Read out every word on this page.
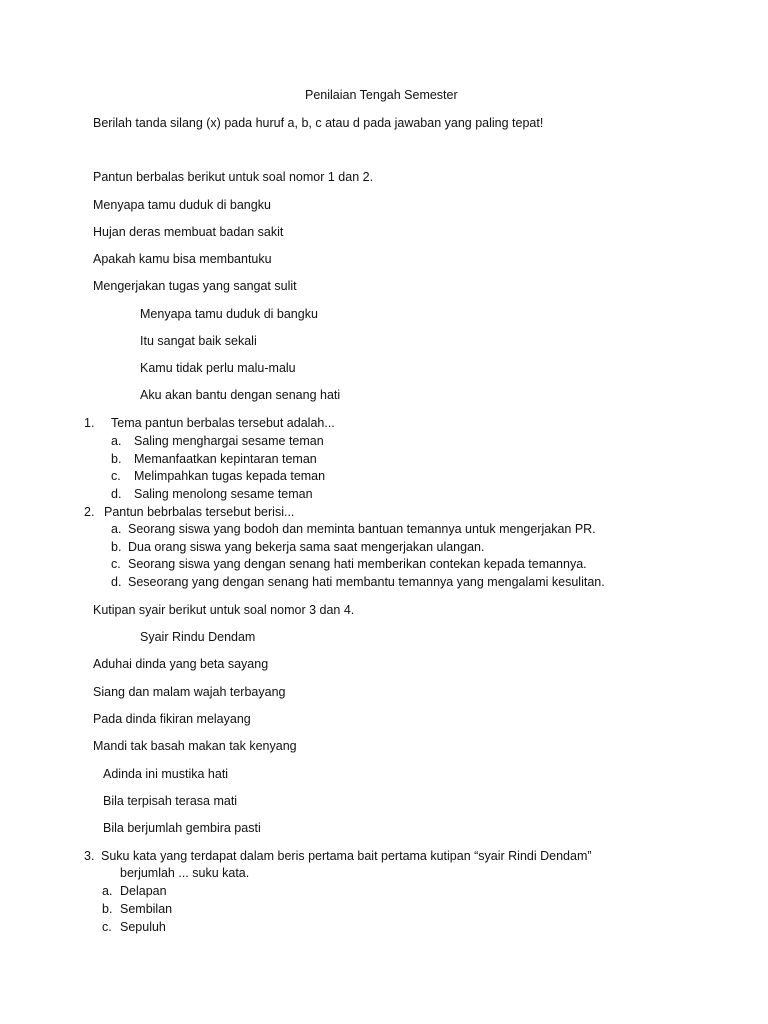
Penilaian Tengah Semester
Berilah tanda silang (x) pada huruf a, b, c atau d pada jawaban yang paling tepat!
Pantun berbalas berikut untuk soal nomor 1 dan 2.
Menyapa tamu duduk di bangku
Hujan deras membuat badan sakit
Apakah kamu bisa membantuku
Mengerjakan tugas yang sangat sulit
Menyapa tamu duduk di bangku
Itu sangat baik sekali
Kamu tidak perlu malu-malu
Aku akan bantu dengan senang hati
1. Tema pantun berbalas tersebut adalah...
a. Saling menghargai sesame teman
b. Memanfaatkan kepintaran teman
c. Melimpahkan tugas kepada teman
d. Saling menolong sesame teman
2. Pantun bebrbalas tersebut berisi...
a. Seorang siswa yang bodoh dan meminta bantuan temannya untuk mengerjakan PR.
b. Dua orang siswa yang bekerja sama saat mengerjakan ulangan.
c. Seorang siswa yang dengan senang hati memberikan contekan kepada temannya.
d. Seseorang yang dengan senang hati membantu temannya yang mengalami kesulitan.
Kutipan syair berikut untuk soal nomor 3 dan 4.
Syair Rindu Dendam
Aduhai dinda yang beta sayang
Siang dan malam wajah terbayang
Pada dinda fikiran melayang
Mandi tak basah makan tak kenyang
Adinda ini mustika hati
Bila terpisah terasa mati
Bila berjumlah gembira pasti
3. Suku kata yang terdapat dalam beris pertama bait pertama kutipan “syair Rindi Dendam”
berjumlah ... suku kata.
a. Delapan
b. Sembilan
c. Sepuluh
